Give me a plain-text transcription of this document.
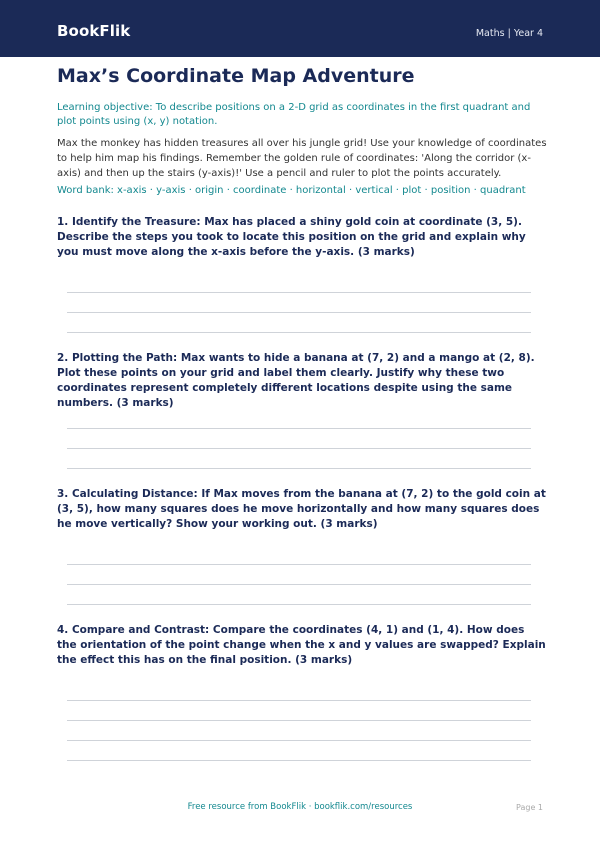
BookFlik	Maths | Year 4
Max’s Coordinate Map Adventure
Learning objective: To describe positions on a 2-D grid as coordinates in the first quadrant and plot points using (x, y) notation.
Max the monkey has hidden treasures all over his jungle grid! Use your knowledge of coordinates to help him map his findings. Remember the golden rule of coordinates: 'Along the corridor (x-axis) and then up the stairs (y-axis)!' Use a pencil and ruler to plot the points accurately.
Word bank: x-axis · y-axis · origin · coordinate · horizontal · vertical · plot · position · quadrant
1. Identify the Treasure: Max has placed a shiny gold coin at coordinate (3, 5). Describe the steps you took to locate this position on the grid and explain why you must move along the x-axis before the y-axis. (3 marks)
2. Plotting the Path: Max wants to hide a banana at (7, 2) and a mango at (2, 8). Plot these points on your grid and label them clearly. Justify why these two coordinates represent completely different locations despite using the same numbers. (3 marks)
3. Calculating Distance: If Max moves from the banana at (7, 2) to the gold coin at (3, 5), how many squares does he move horizontally and how many squares does he move vertically? Show your working out. (3 marks)
4. Compare and Contrast: Compare the coordinates (4, 1) and (1, 4). How does the orientation of the point change when the x and y values are swapped? Explain the effect this has on the final position. (3 marks)
Free resource from BookFlik · bookflik.com/resources	Page 1
